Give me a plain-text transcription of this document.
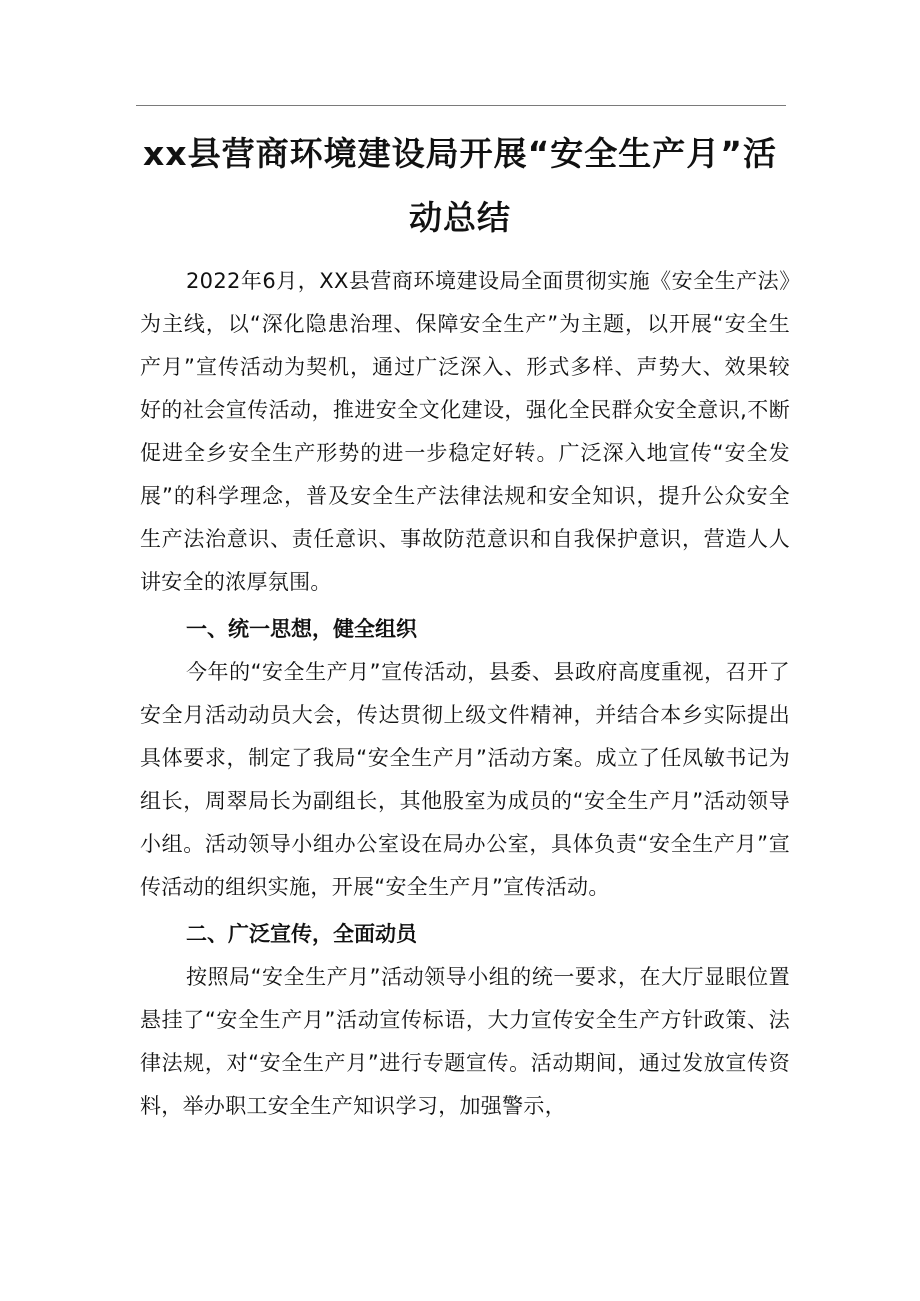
xx县营商环境建设局开展“安全生产月”活
动总结

2022年6月，XX县营商环境建设局全面贯彻实施《安全生产法》为主线，以“深化隐患治理、保障安全生产”为主题，以开展“安全生产月”宣传活动为契机，通过广泛深入、形式多样、声势大、效果较好的社会宣传活动，推进安全文化建设，强化全民群众安全意识,不断促进全乡安全生产形势的进一步稳定好转。广泛深入地宣传“安全发展”的科学理念，普及安全生产法律法规和安全知识，提升公众安全生产法治意识、责任意识、事故防范意识和自我保护意识，营造人人讲安全的浓厚氛围。

一、统一思想，健全组织

今年的“安全生产月”宣传活动，县委、县政府高度重视，召开了安全月活动动员大会，传达贯彻上级文件精神，并结合本乡实际提出具体要求，制定了我局“安全生产月”活动方案。成立了任凤敏书记为组长，周翠局长为副组长，其他股室为成员的“安全生产月”活动领导小组。活动领导小组办公室设在局办公室，具体负责“安全生产月”宣传活动的组织实施，开展“安全生产月”宣传活动。

二、广泛宣传，全面动员

按照局“安全生产月”活动领导小组的统一要求，在大厅显眼位置悬挂了“安全生产月”活动宣传标语，大力宣传安全生产方针政策、法律法规，对“安全生产月”进行专题宣传。活动期间，通过发放宣传资料，举办职工安全生产知识学习，加强警示，
